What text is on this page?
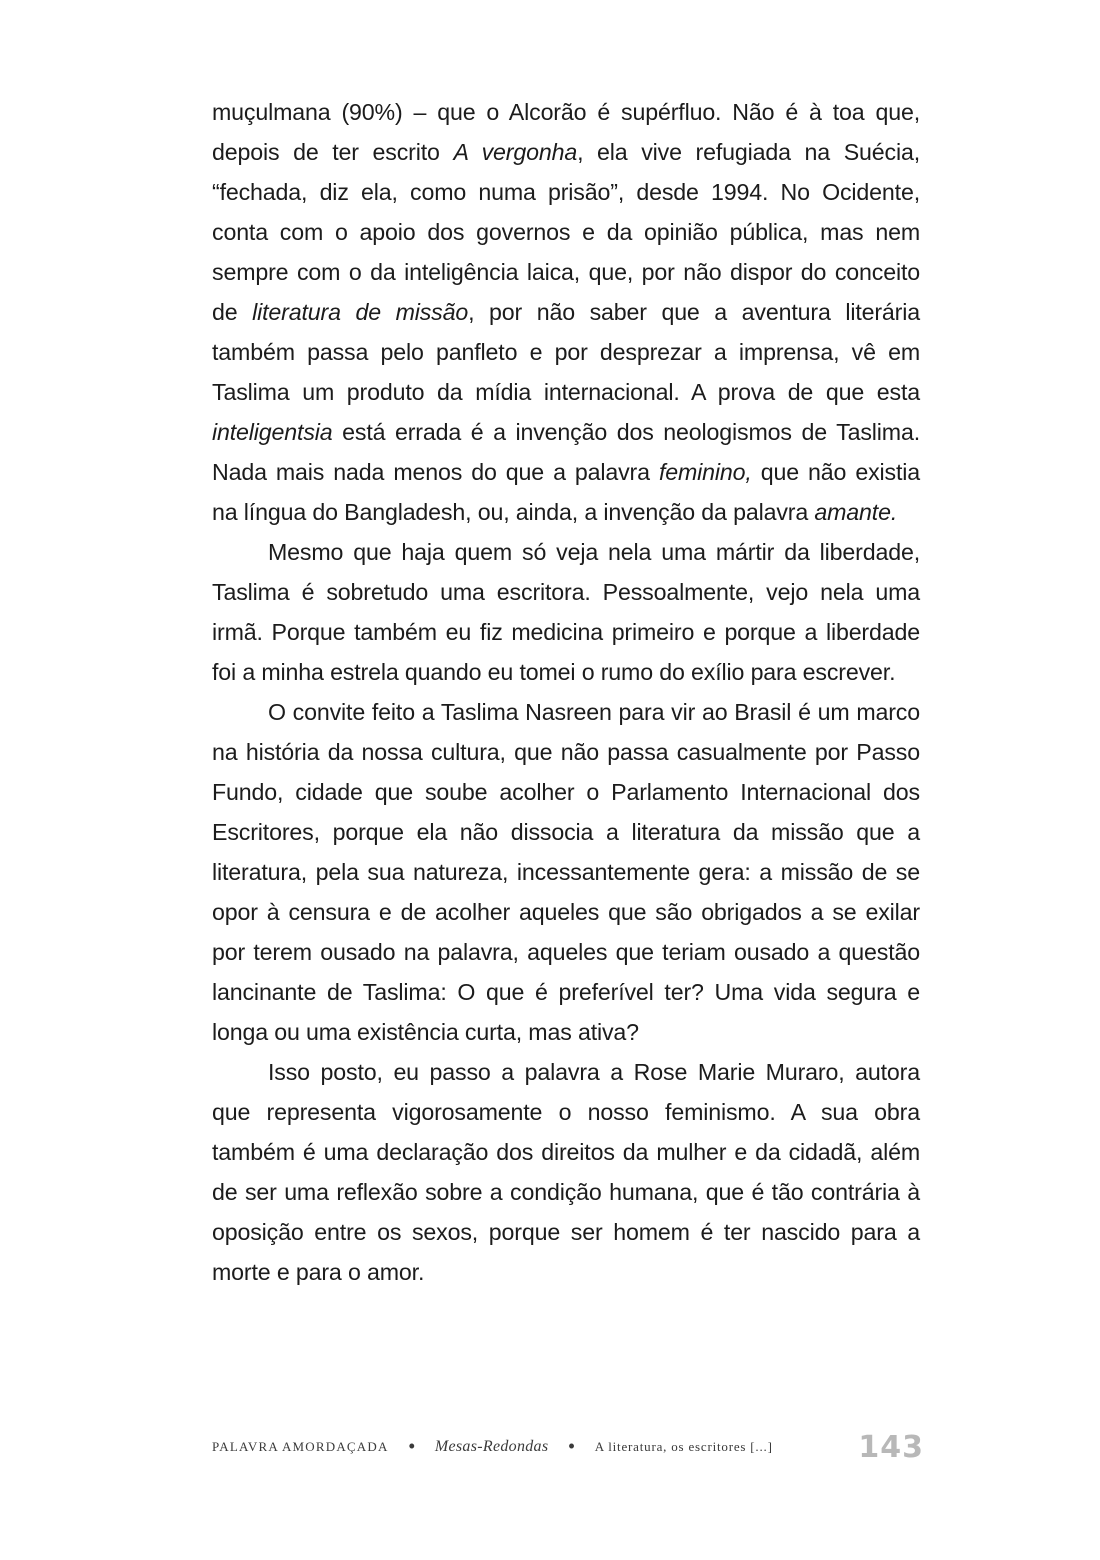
muçulmana (90%) – que o Alcorão é supérfluo. Não é à toa que, depois de ter escrito A vergonha, ela vive refugiada na Suécia, “fechada, diz ela, como numa prisão”, desde 1994. No Ocidente, conta com o apoio dos governos e da opinião pública, mas nem sempre com o da inteligência laica, que, por não dispor do conceito de literatura de missão, por não saber que a aventura literária também passa pelo panfleto e por desprezar a imprensa, vê em Taslima um produto da mídia internacional. A prova de que esta inteligentsia está errada é a invenção dos neologismos de Taslima. Nada mais nada menos do que a palavra feminino, que não existia na língua do Bangladesh, ou, ainda, a invenção da palavra amante.

Mesmo que haja quem só veja nela uma mártir da liberdade, Taslima é sobretudo uma escritora. Pessoalmente, vejo nela uma irmã. Porque também eu fiz medicina primeiro e porque a liberdade foi a minha estrela quando eu tomei o rumo do exílio para escrever.

O convite feito a Taslima Nasreen para vir ao Brasil é um marco na história da nossa cultura, que não passa casualmente por Passo Fundo, cidade que soube acolher o Parlamento Internacional dos Escritores, porque ela não dissocia a literatura da missão que a literatura, pela sua natureza, incessantemente gera: a missão de se opor à censura e de acolher aqueles que são obrigados a se exilar por terem ousado na palavra, aqueles que teriam ousado a questão lancinante de Taslima: O que é preferível ter? Uma vida segura e longa ou uma existência curta, mas ativa?

Isso posto, eu passo a palavra a Rose Marie Muraro, autora que representa vigorosamente o nosso feminismo. A sua obra também é uma declaração dos direitos da mulher e da cidadã, além de ser uma reflexão sobre a condição humana, que é tão contrária à oposição entre os sexos, porque ser homem é ter nascido para a morte e para o amor.

PALAVRA AMORDAÇADA • Mesas-Redondas • A literatura, os escritores [...]	143
